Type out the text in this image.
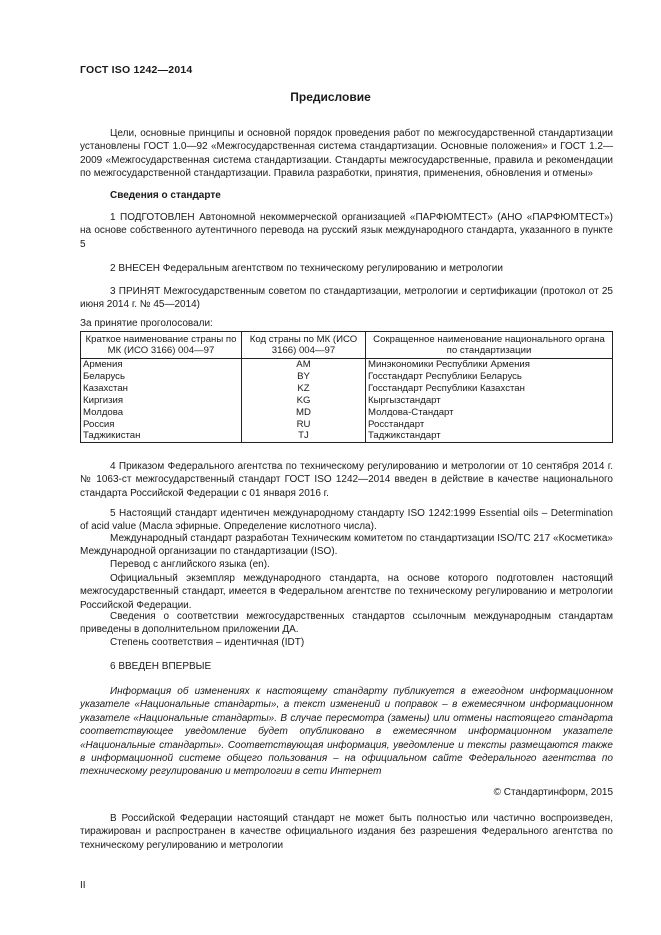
ГОСТ ISO 1242—2014
Предисловие
Цели, основные принципы и основной порядок проведения работ по межгосударственной стандартизации установлены ГОСТ 1.0—92 «Межгосударственная система стандартизации. Основные положения» и ГОСТ 1.2—2009 «Межгосударственная система стандартизации. Стандарты межгосударственные, правила и рекомендации по межгосударственной стандартизации. Правила разработки, принятия, применения, обновления и отмены»
Сведения о стандарте
1 ПОДГОТОВЛЕН Автономной некоммерческой организацией «ПАРФЮМТЕСТ» (АНО «ПАРФЮМТЕСТ») на основе собственного аутентичного перевода на русский язык международного стандарта, указанного в пункте 5
2 ВНЕСЕН Федеральным агентством по техническому регулированию и метрологии
3 ПРИНЯТ Межгосударственным советом по стандартизации, метрологии и сертификации (протокол от 25 июня 2014 г. № 45—2014)
За принятие проголосовали:
Краткое наименование страны по МК (ИСО 3166) 004—97	Код страны по МК (ИСО 3166) 004—97	Сокращенное наименование национального органа по стандартизации
Армения	AM	Минэкономики Республики Армения
Беларусь	BY	Госстандарт Республики Беларусь
Казахстан	KZ	Госстандарт Республики Казахстан
Киргизия	KG	Кыргызстандарт
Молдова	MD	Молдова-Стандарт
Россия	RU	Росстандарт
Таджикистан	TJ	Таджикстандарт
4 Приказом Федерального агентства по техническому регулированию и метрологии от 10 сентября 2014 г. № 1063-ст межгосударственный стандарт ГОСТ ISO 1242—2014 введен в действие в качестве национального стандарта Российской Федерации с 01 января 2016 г.
5 Настоящий стандарт идентичен международному стандарту ISO 1242:1999 Essential oils – Determination of acid value (Масла эфирные. Определение кислотного числа).
Международный стандарт разработан Техническим комитетом по стандартизации ISO/TC 217 «Косметика» Международной организации по стандартизации (ISO).
Перевод с английского языка (en).
Официальный экземпляр международного стандарта, на основе которого подготовлен настоящий межгосударственный стандарт, имеется в Федеральном агентстве по техническому регулированию и метрологии Российской Федерации.
Сведения о соответствии межгосударственных стандартов ссылочным международным стандартам приведены в дополнительном приложении ДА.
Степень соответствия – идентичная (IDT)
6 ВВЕДЕН ВПЕРВЫЕ
Информация об изменениях к настоящему стандарту публикуется в ежегодном информационном указателе «Национальные стандарты», а текст изменений и поправок – в ежемесячном информационном указателе «Национальные стандарты». В случае пересмотра (замены) или отмены настоящего стандарта соответствующее уведомление будет опубликовано в ежемесячном информационном указателе «Национальные стандарты». Соответствующая информация, уведомление и тексты размещаются также в информационной системе общего пользования – на официальном сайте Федерального агентства по техническому регулированию и метрологии в сети Интернет
© Стандартинформ, 2015
В Российской Федерации настоящий стандарт не может быть полностью или частично воспроизведен, тиражирован и распространен в качестве официального издания без разрешения Федерального агентства по техническому регулированию и метрологии
II
